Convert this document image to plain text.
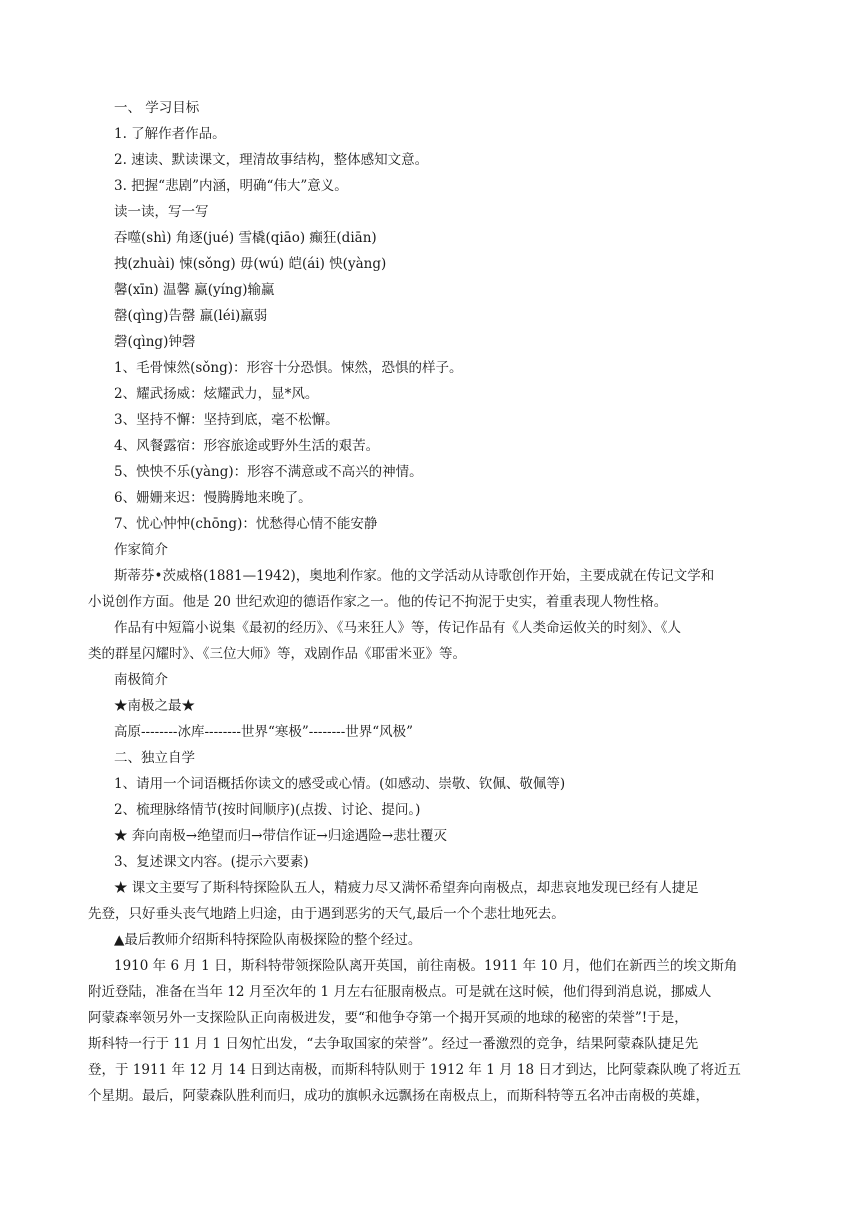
一、 学习目标
1. 了解作者作品。
2. 速读、默读课文，理清故事结构，整体感知文意。
3. 把握“悲剧”内涵，明确“伟大”意义。
读一读，写一写
吞噬(shì) 角逐(jué) 雪橇(qiāo) 癫狂(diān)
拽(zhuài) 悚(sǒng) 毋(wú) 皑(ái) 怏(yàng)
馨(xīn) 温馨 赢(yíng)输赢
罄(qìng)告罄 羸(léi)羸弱
磬(qìng)钟磬
1、毛骨悚然(sǒng)：形容十分恐惧。悚然，恐惧的样子。
2、耀武扬威：炫耀武力，显*风。
3、坚持不懈：坚持到底，毫不松懈。
4、风餐露宿：形容旅途或野外生活的艰苦。
5、怏怏不乐(yàng)：形容不满意或不高兴的神情。
6、姗姗来迟：慢腾腾地来晚了。
7、忧心忡忡(chōng)：忧愁得心情不能安静
作家简介
斯蒂芬•茨威格(1881—1942)，奥地利作家。他的文学活动从诗歌创作开始，主要成就在传记文学和
小说创作方面。他是 20 世纪欢迎的德语作家之一。他的传记不拘泥于史实，着重表现人物性格。
作品有中短篇小说集《最初的经历》、《马来狂人》等，传记作品有《人类命运攸关的时刻》、《人
类的群星闪耀时》、《三位大师》等，戏剧作品《耶雷米亚》等。
南极简介
★南极之最★
高原--------冰库--------世界“寒极”--------世界“风极”
二、独立自学
1、请用一个词语概括你读文的感受或心情。(如感动、崇敬、钦佩、敬佩等)
2、梳理脉络情节(按时间顺序)(点拨、讨论、提问。)
★ 奔向南极→绝望而归→带信作证→归途遇险→悲壮覆灭
3、复述课文内容。(提示六要素)
★ 课文主要写了斯科特探险队五人，精疲力尽又满怀希望奔向南极点，却悲哀地发现已经有人捷足
先登，只好垂头丧气地踏上归途，由于遇到恶劣的天气,最后一个个悲壮地死去。
▲最后教师介绍斯科特探险队南极探险的整个经过。
1910 年 6 月 1 日，斯科特带领探险队离开英国，前往南极。1911 年 10 月，他们在新西兰的埃文斯角
附近登陆，准备在当年 12 月至次年的 1 月左右征服南极点。可是就在这时候，他们得到消息说，挪威人
阿蒙森率领另外一支探险队正向南极进发，要“和他争夺第一个揭开冥顽的地球的秘密的荣誉”!于是，
斯科特一行于 11 月 1 日匆忙出发，“去争取国家的荣誉”。经过一番激烈的竞争，结果阿蒙森队捷足先
登，于 1911 年 12 月 14 日到达南极，而斯科特队则于 1912 年 1 月 18 日才到达，比阿蒙森队晚了将近五
个星期。最后，阿蒙森队胜利而归，成功的旗帜永远飘扬在南极点上，而斯科特等五名冲击南极的英雄，
